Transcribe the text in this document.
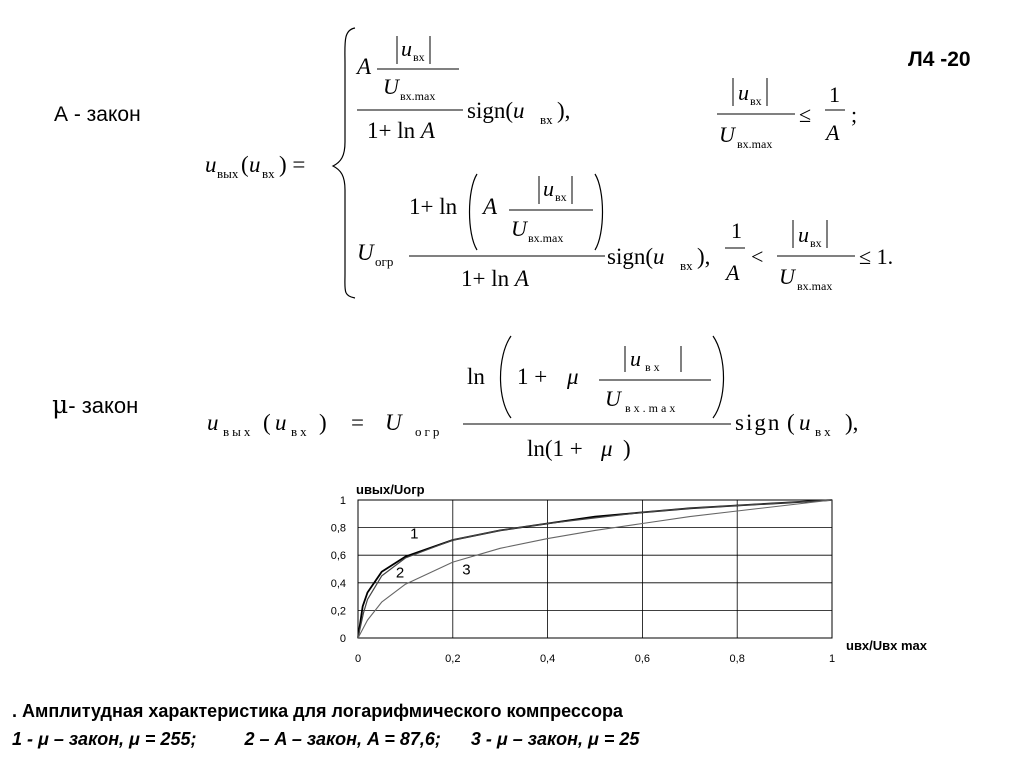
Л4 -20
А - закон
μ- закон
u вых ( u вх ) =
A
u вх
U вх.max
1+ ln A
sign(u вх ),
u вх
U вх.max
≤
1
A
;
U огр
1+ ln A
u вх
U вх.max
1+ ln A
sign(u вх ),
1
A
<
u вх
U вх.max
≤ 1.
u вых ( u вх ) = U огр
ln 1 + μ
u вх
U вх.max
ln(1 + μ )
sign ( u вх ),
0
0
0,2
0,2
0,4
0,4
0,6
0,6
0,8
0,8
1
1
1
2	3
uвых/Uогр
uвх/Uвх max
. Амплитудная характеристика для логарифмического компрессора
1 - μ – закон, μ = 255;	2 – A – закон, A = 87,6; 3 - μ – закон, μ = 25
